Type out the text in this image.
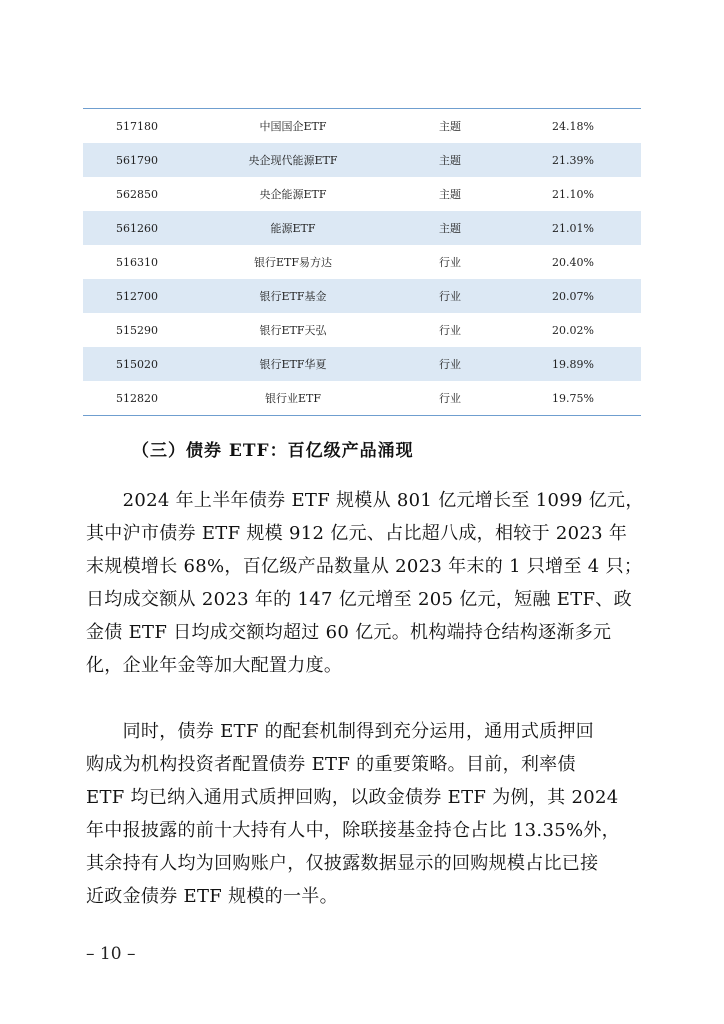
517180	中国国企ETF	主题	24.18%
561790	央企现代能源ETF	主题	21.39%
562850	央企能源ETF	主题	21.10%
561260	能源ETF	主题	21.01%
516310	银行ETF易方达	行业	20.40%
512700	银行ETF基金	行业	20.07%
515290	银行ETF天弘	行业	20.02%
515020	银行ETF华夏	行业	19.89%
512820	银行业ETF	行业	19.75%
（三）债券 ETF：百亿级产品涌现
　　2024 年上半年债券 ETF 规模从 801 亿元增长至 1099 亿元，
其中沪市债券 ETF 规模 912 亿元、占比超八成，相较于 2023 年
末规模增长 68%，百亿级产品数量从 2023 年末的 1 只增至 4 只；
日均成交额从 2023 年的 147 亿元增至 205 亿元，短融 ETF、政
金债 ETF 日均成交额均超过 60 亿元。机构端持仓结构逐渐多元
化，企业年金等加大配置力度。
　　同时，债券 ETF 的配套机制得到充分运用，通用式质押回
购成为机构投资者配置债券 ETF 的重要策略。目前，利率债
ETF 均已纳入通用式质押回购，以政金债券 ETF 为例，其 2024
年中报披露的前十大持有人中，除联接基金持仓占比 13.35%外，
其余持有人均为回购账户，仅披露数据显示的回购规模占比已接
近政金债券 ETF 规模的一半。
– 10 –
